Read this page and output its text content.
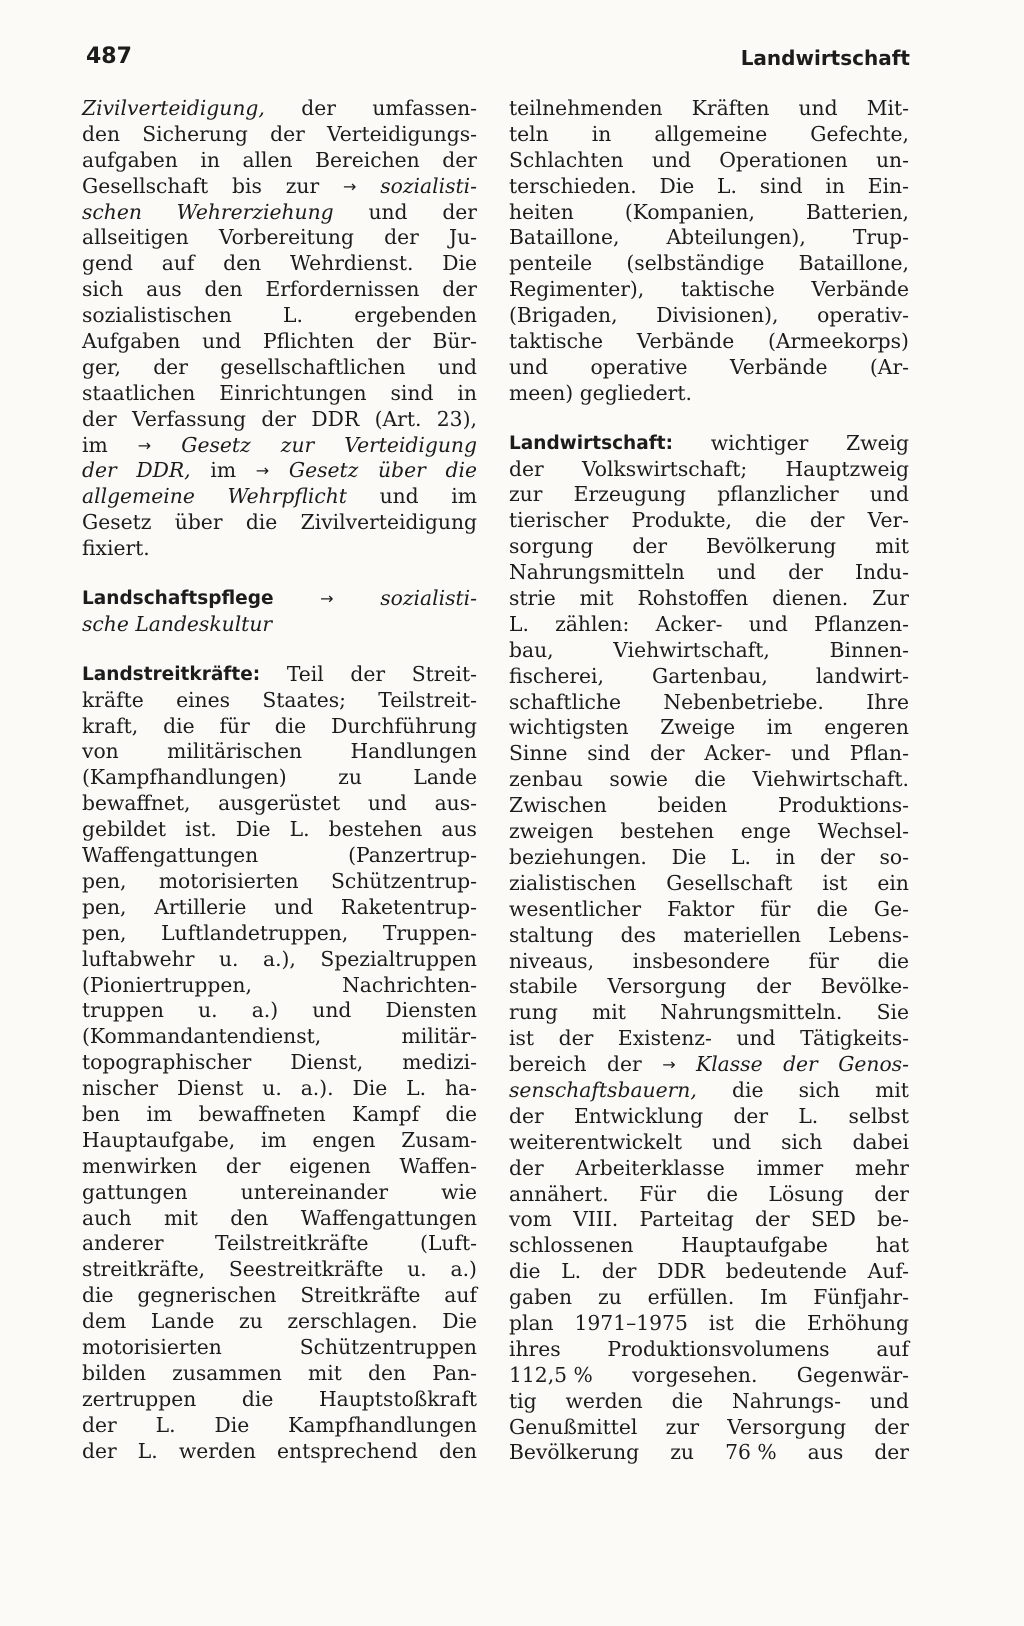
487	Landwirtschaft
Zivilverteidigung, der umfassen-
den Sicherung der Verteidigungs-
aufgaben in allen Bereichen der
Gesellschaft bis zur → sozialisti-
schen Wehrerziehung und der
allseitigen Vorbereitung der Ju-
gend auf den Wehrdienst. Die
sich aus den Erfordernissen der
sozialistischen	L.	ergebenden
Aufgaben und Pflichten der Bür-
ger, der gesellschaftlichen und
staatlichen Einrichtungen sind in
der Verfassung der DDR (Art. 23),
im → Gesetz zur Verteidigung
der DDR, im → Gesetz über die
allgemeine Wehrpflicht und im
Gesetz über die Zivilverteidigung
fixiert.
Landschaftspflege	→ sozialisti-
sche Landeskultur
Landstreitkräfte: Teil der Streit-
kräfte eines Staates; Teilstreit-
kraft, die für die Durchführung
von militärischen Handlungen
(Kampfhandlungen)	zu	Lande
bewaffnet, ausgerüstet und aus-
gebildet ist. Die L. bestehen aus
Waffengattungen	(Panzertrup-
pen, motorisierten Schützentrup-
pen, Artillerie und Raketentrup-
pen, Luftlandetruppen, Truppen-
luftabwehr u. a.), Spezialtruppen
(Pioniertruppen,	Nachrichten-
truppen u. a.) und Diensten
(Kommandantendienst,	militär-
topographischer Dienst, medizi-
nischer Dienst u. a.). Die L. ha-
ben im bewaffneten Kampf die
Hauptaufgabe, im engen Zusam-
menwirken der eigenen Waffen-
gattungen	untereinander	wie
auch mit den Waffengattungen
anderer	Teilstreitkräfte	(Luft-
streitkräfte, Seestreitkräfte u. a.)
die gegnerischen Streitkräfte auf
dem Lande zu zerschlagen. Die
motorisierten	Schützentruppen
bilden zusammen mit den Pan-
zertruppen die Hauptstoßkraft
der L. Die Kampfhandlungen
der L. werden entsprechend den
teilnehmenden Kräften und Mit-
teln in allgemeine Gefechte,
Schlachten und Operationen un-
terschieden. Die L. sind in Ein-
heiten	(Kompanien,	Batterien,
Bataillone, Abteilungen), Trup-
penteile (selbständige Bataillone,
Regimenter), taktische Verbände
(Brigaden, Divisionen), operativ-
taktische Verbände (Armeekorps)
und operative Verbände (Ar-
meen) gegliedert.
Landwirtschaft: wichtiger Zweig
der Volkswirtschaft; Hauptzweig
zur Erzeugung pflanzlicher und
tierischer Produkte, die der Ver-
sorgung der Bevölkerung mit
Nahrungsmitteln und der Indu-
strie mit Rohstoffen dienen. Zur
L. zählen: Acker- und Pflanzen-
bau,	Viehwirtschaft,	Binnen-
fischerei, Gartenbau, landwirt-
schaftliche Nebenbetriebe. Ihre
wichtigsten Zweige im engeren
Sinne sind der Acker- und Pflan-
zenbau sowie die Viehwirtschaft.
Zwischen	beiden	Produktions-
zweigen bestehen enge Wechsel-
beziehungen. Die L. in der so-
zialistischen Gesellschaft ist ein
wesentlicher Faktor für die Ge-
staltung des materiellen Lebens-
niveaus, insbesondere für die
stabile Versorgung der Bevölke-
rung mit Nahrungsmitteln. Sie
ist der Existenz- und Tätigkeits-
bereich der → Klasse der Genos-
senschaftsbauern, die sich mit
der Entwicklung der L. selbst
weiterentwickelt und sich dabei
der Arbeiterklasse immer mehr
annähert. Für die Lösung der
vom VIII. Parteitag der SED be-
schlossenen Hauptaufgabe hat
die L. der DDR bedeutende Auf-
gaben zu erfüllen. Im Fünfjahr-
plan 1971–1975 ist die Erhöhung
ihres Produktionsvolumens auf
112,5 % vorgesehen. Gegenwär-
tig werden die Nahrungs- und
Genußmittel zur Versorgung der
Bevölkerung zu 76 % aus der
